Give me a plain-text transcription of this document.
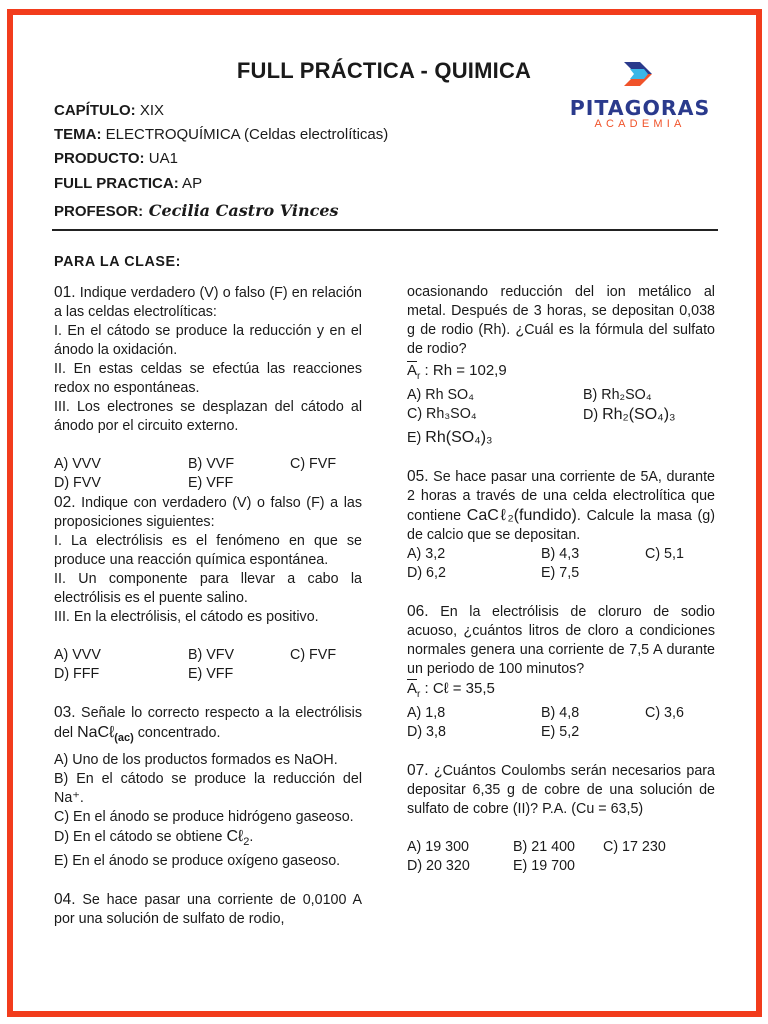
FULL PRÁCTICA - QUIMICA
CAPÍTULO: XIX
TEMA: ELECTROQUÍMICA (Celdas electrolíticas)
PRODUCTO: UA1
FULL PRACTICA: AP
PROFESOR: Cecilia Castro Vinces
PITAGORAS
ACADEMIA
PARA LA CLASE:
01. Indique verdadero (V) o falso (F) en relación a las celdas electrolíticas:
I. En el cátodo se produce la reducción y en el ánodo la oxidación.
II. En estas celdas se efectúa las reacciones redox no espontáneas.
III. Los electrones se desplazan del cátodo al ánodo por el circuito externo.
A) VVV	B) VVF	C) FVF
D) FVV	E) VFF
02. Indique con verdadero (V) o falso (F) a las proposiciones siguientes:
I. La electrólisis es el fenómeno en que se produce una reacción química espontánea.
II. Un componente para llevar a cabo la electrólisis es el puente salino.
III. En la electrólisis, el cátodo es positivo.
A) VVV	B) VFV	C) FVF
D) FFF	E) VFF
03. Señale lo correcto respecto a la electrólisis del NaCℓ$_{(ac)}$ concentrado.
A) Uno de los productos formados es NaOH.
B) En el cátodo se produce la reducción del Na⁺.
C) En el ánodo se produce hidrógeno gaseoso.
D) En el cátodo se obtiene Cℓ$_2$.
E) En el ánodo se produce oxígeno gaseoso.
04. Se hace pasar una corriente de 0,0100 A por una solución de sulfato de rodio,
ocasionando reducción del ion metálico al metal. Después de 3 horas, se depositan 0,038 g de rodio (Rh). ¿Cuál es la fórmula del sulfato de rodio?
$\overline{A}_r$ : Rh = 102,9
A) Rh SO₄	B) Rh₂SO₄
C) Rh₃SO₄	D) Rh₂(SO₄)₃
E) Rh(SO₄)₃
05. Se hace pasar una corriente de 5A, durante 2 horas a través de una celda electrolítica que contiene CaCℓ₂(fundido). Calcule la masa (g) de calcio que se depositan.
A) 3,2	B) 4,3	C) 5,1
D) 6,2	E) 7,5
06. En la electrólisis de cloruro de sodio acuoso, ¿cuántos litros de cloro a condiciones normales genera una corriente de 7,5 A durante un periodo de 100 minutos?
$\overline{A}_r$ : Cℓ = 35,5
A) 1,8	B) 4,8	C) 3,6
D) 3,8	E) 5,2
07. ¿Cuántos Coulombs serán necesarios para depositar 6,35 g de cobre de una solución de sulfato de cobre (II)? P.A. (Cu = 63,5)
A) 19 300	B) 21 400	C) 17 230
D) 20 320	E) 19 700
